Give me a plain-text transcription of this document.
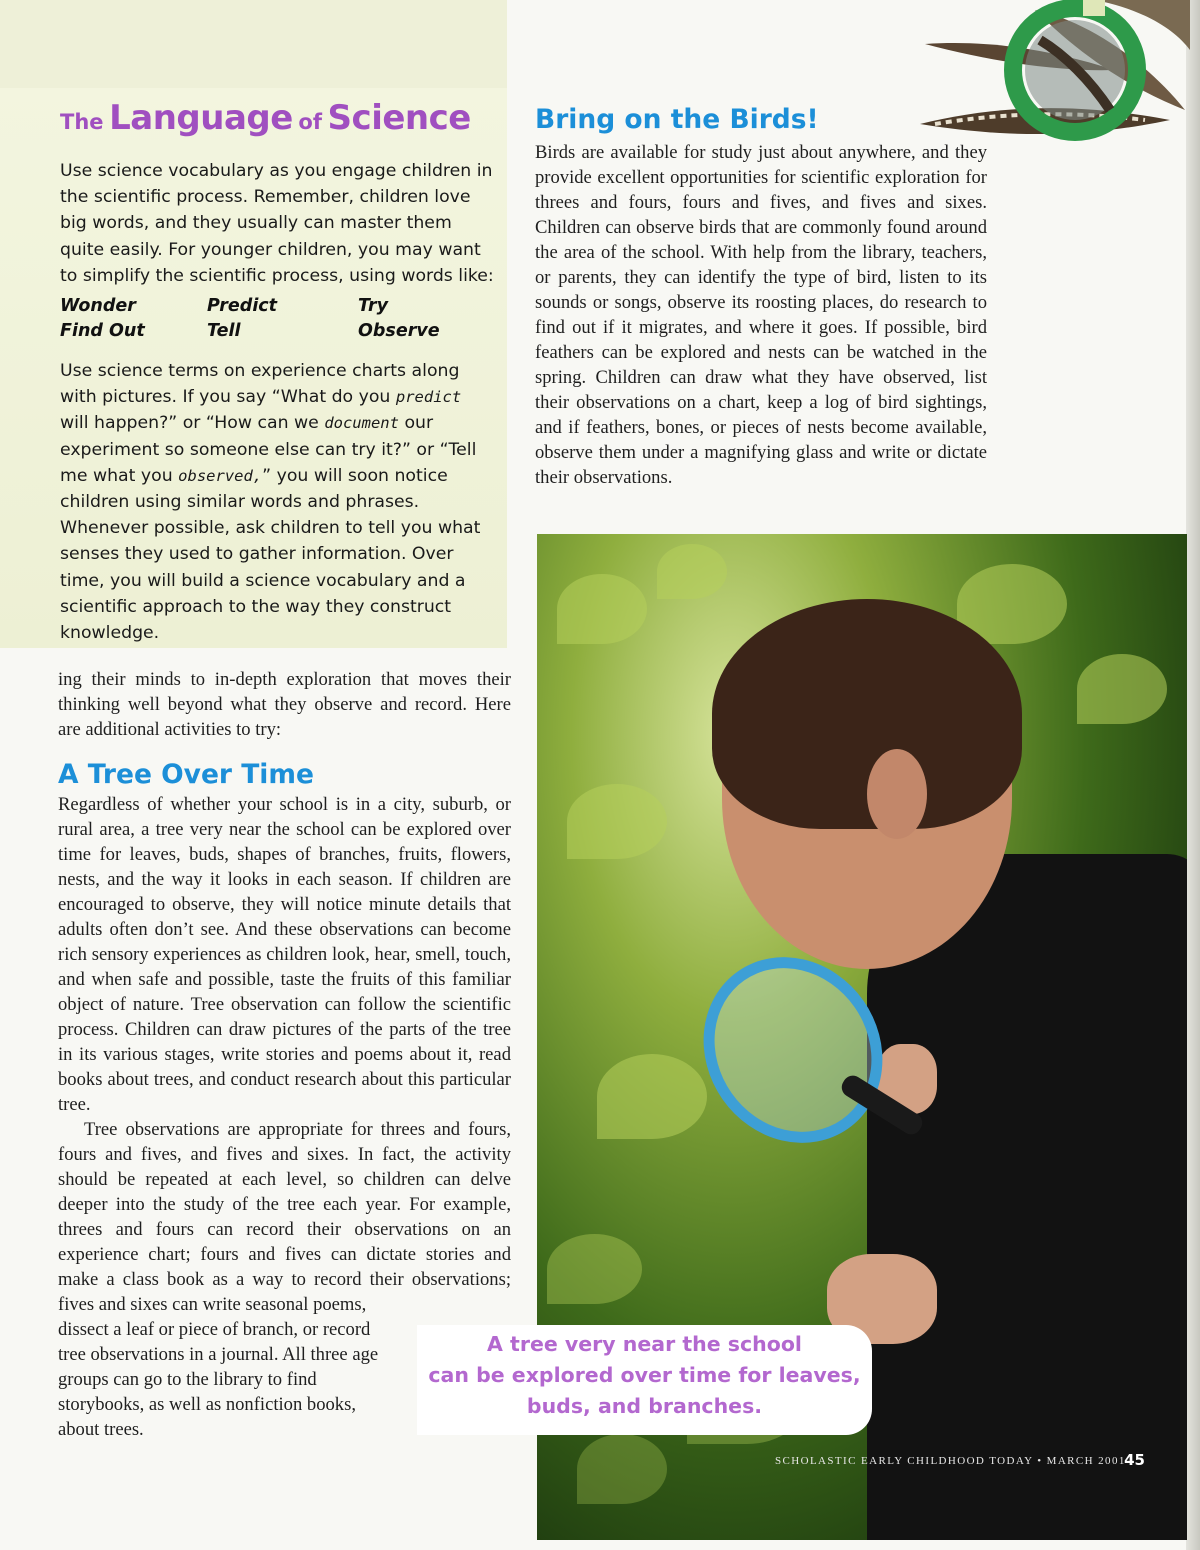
The Language of Science

Use science vocabulary as you engage children in the scientific process. Remember, children love big words, and they usually can master them quite easily. For younger children, you may want to simplify the scientific process, using words like:

Wonder	Predict	Try
Find Out	Tell	Observe

Use science terms on experience charts along with pictures. If you say “What do you predict will happen?” or “How can we document our experiment so someone else can try it?” or “Tell me what you observed,” you will soon notice children using similar words and phrases. Whenever possible, ask children to tell you what senses they used to gather information. Over time, you will build a science vocabulary and a scientific approach to the way they construct knowledge.

ing their minds to in-depth exploration that moves their thinking well beyond what they observe and record. Here are additional activities to try:

A Tree Over Time

Regardless of whether your school is in a city, suburb, or rural area, a tree very near the school can be explored over time for leaves, buds, shapes of branches, fruits, flowers, nests, and the way it looks in each season. If children are encouraged to observe, they will notice minute details that adults often don’t see. And these observations can become rich sensory experiences as children look, hear, smell, touch, and when safe and possible, taste the fruits of this familiar object of nature. Tree observation can follow the scientific process. Children can draw pictures of the parts of the tree in its various stages, write stories and poems about it, read books about trees, and conduct research about this particular tree.

Tree observations are appropriate for threes and fours, fours and fives, and fives and sixes. In fact, the activity should be repeated at each level, so children can delve deeper into the study of the tree each year. For example, threes and fours can record their observations on an experience chart; fours and fives can dictate stories and make a class book as a way to record their observations; fives and sixes can write seasonal poems,

dissect a leaf or piece of branch, or record tree observations in a journal. All three age groups can go to the library to find storybooks, as well as nonfiction books, about trees.

Bring on the Birds!

Birds are available for study just about anywhere, and they provide excellent opportunities for scientific exploration for threes and fours, fours and fives, and fives and sixes. Children can observe birds that are commonly found around the area of the school. With help from the library, teachers, or parents, they can identify the type of bird, listen to its sounds or songs, observe its roosting places, do research to find out if it migrates, and where it goes. If possible, bird feathers can be explored and nests can be watched in the spring. Children can draw what they have observed, list their observations on a chart, keep a log of bird sightings, and if feathers, bones, or pieces of nests become available, observe them under a magnifying glass and write or dictate their observations.

A tree very near the school
can be explored over time for leaves,
buds, and branches.
SCHOLASTIC EARLY CHILDHOOD TODAY • MARCH 2001
45
